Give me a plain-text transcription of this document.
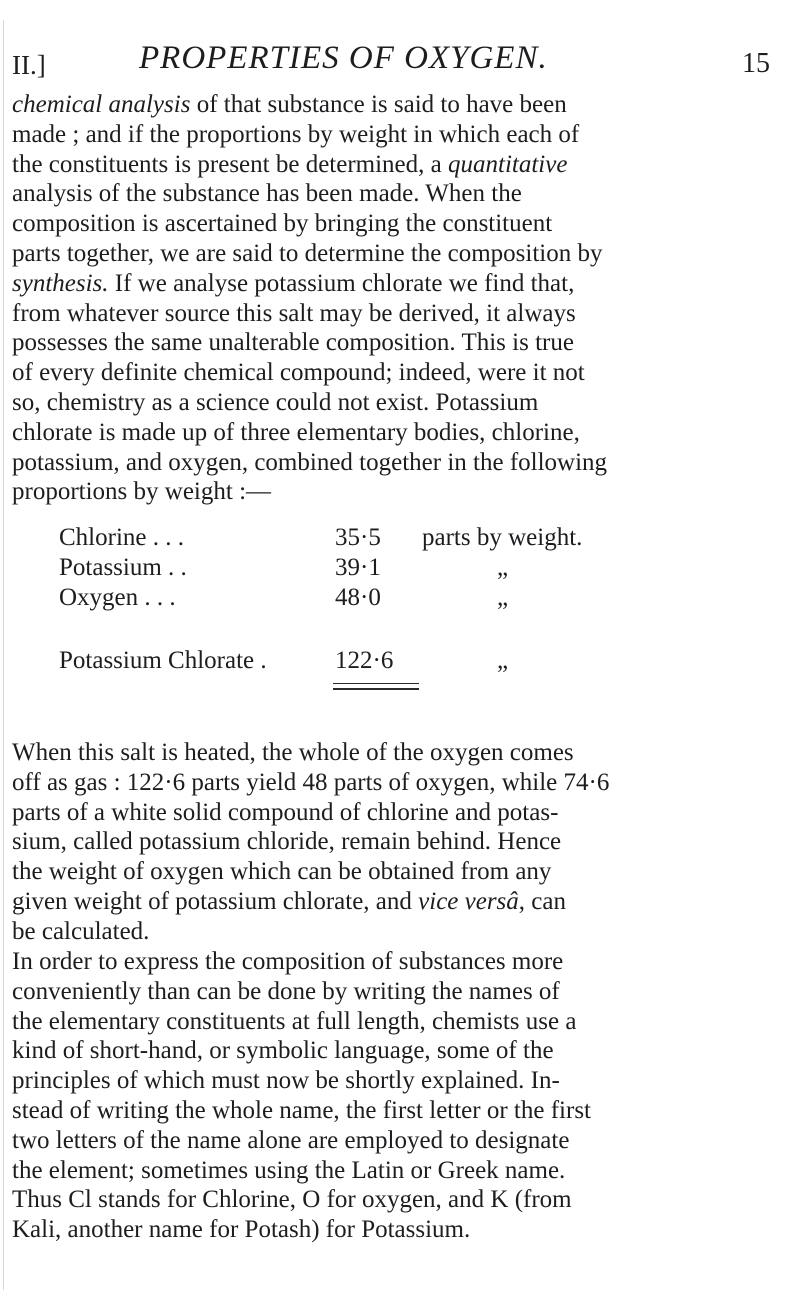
II.]	PROPERTIES OF OXYGEN.	15
chemical analysis of that substance is said to have been
made ; and if the proportions by weight in which each of
the constituents is present be determined, a quantitative
analysis of the substance has been made. When the
composition is ascertained by bringing the constituent
parts together, we are said to determine the composition by
synthesis. If we analyse potassium chlorate we find that,
from whatever source this salt may be derived, it always
possesses the same unalterable composition. This is true
of every definite chemical compound; indeed, were it not
so, chemistry as a science could not exist. Potassium
chlorate is made up of three elementary bodies, chlorine,
potassium, and oxygen, combined together in the following
proportions by weight :—
Chlorine . . .	35·5 parts by weight.
Potassium . .	39·1	„
Oxygen . . .	48·0	„
Potassium Chlorate .	122·6	„
When this salt is heated, the whole of the oxygen comes
off as gas : 122·6 parts yield 48 parts of oxygen, while 74·6
parts of a white solid compound of chlorine and potas-
sium, called potassium chloride, remain behind. Hence
the weight of oxygen which can be obtained from any
given weight of potassium chlorate, and vice versâ, can
be calculated.
In order to express the composition of substances more
conveniently than can be done by writing the names of
the elementary constituents at full length, chemists use a
kind of short-hand, or symbolic language, some of the
principles of which must now be shortly explained. In-
stead of writing the whole name, the first letter or the first
two letters of the name alone are employed to designate
the element; sometimes using the Latin or Greek name.
Thus Cl stands for Chlorine, O for oxygen, and K (from
Kali, another name for Potash) for Potassium.
